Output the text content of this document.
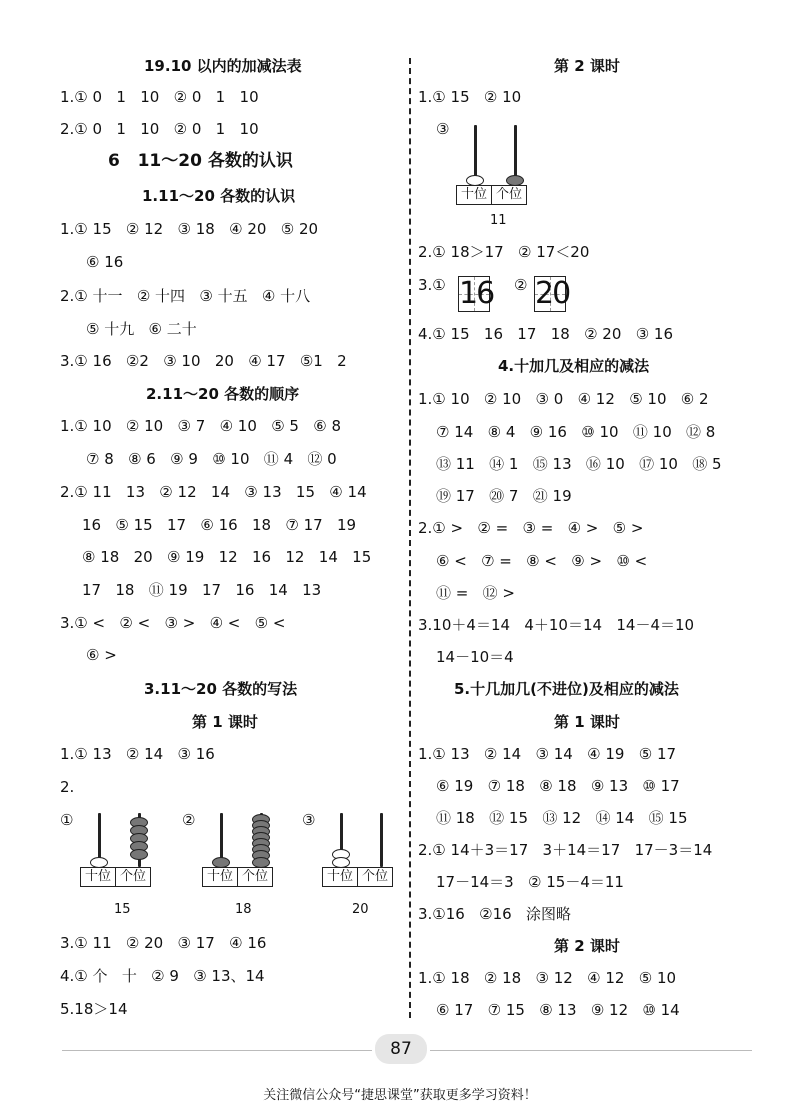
19.10 以内的加减法表
1.① 0   1   10   ② 0   1   10
2.① 0   1   10   ② 0   1   10
6   11～20 各数的认识
1.11～20 各数的认识
1.① 15   ② 12   ③ 18   ④ 20   ⑤ 20
⑥ 16
2.① 十一   ② 十四   ③ 十五   ④ 十八
⑤ 十九   ⑥ 二十
3.① 16   ②2   ③ 10   20   ④ 17   ⑤1   2
2.11～20 各数的顺序
1.① 10   ② 10   ③ 7   ④ 10   ⑤ 5   ⑥ 8
⑦ 8   ⑧ 6   ⑨ 9   ⑩ 10   ⑪ 4   ⑫ 0
2.① 11   13   ② 12   14   ③ 13   15   ④ 14
16   ⑤ 15   17   ⑥ 16   18   ⑦ 17   19
⑧ 18   20   ⑨ 19   12   16   12   14   15
17   18   ⑪ 19   17   16   14   13
3.① <   ② <   ③ >   ④ <   ⑤ <
⑥ >
3.11～20 各数的写法
第 1 课时
1.① 13   ② 14   ③ 16
2.
①
十位 个位
15
②
十位 个位
18
③
十位 个位
20
3.① 11   ② 20   ③ 17   ④ 16
4.① 个   十   ② 9   ③ 13、14
5.18＞14
第 2 课时
1.① 15   ② 10
③
十位 个位
11
2.① 18＞17   ② 17＜20
3.① 16 ② 20
4.① 15   16   17   18   ② 20   ③ 16
4.十加几及相应的减法
1.① 10   ② 10   ③ 0   ④ 12   ⑤ 10   ⑥ 2
⑦ 14   ⑧ 4   ⑨ 16   ⑩ 10   ⑪ 10   ⑫ 8
⑬ 11   ⑭ 1   ⑮ 13   ⑯ 10   ⑰ 10   ⑱ 5
⑲ 17   ⑳ 7   ㉑ 19
2.① >   ② =   ③ =   ④ >   ⑤ >
⑥ <   ⑦ =   ⑧ <   ⑨ >   ⑩ <
⑪ =   ⑫ >
3.10＋4＝14   4＋10＝14   14－4＝10
14－10＝4
5.十几加几(不进位)及相应的减法
第 1 课时
1.① 13   ② 14   ③ 14   ④ 19   ⑤ 17
⑥ 19   ⑦ 18   ⑧ 18   ⑨ 13   ⑩ 17
⑪ 18   ⑫ 15   ⑬ 12   ⑭ 14   ⑮ 15
2.① 14＋3＝17   3＋14＝17   17－3＝14
17－14＝3   ② 15－4＝11
3.①16   ②16   涂图略
第 2 课时
1.① 18   ② 18   ③ 12   ④ 12   ⑤ 10
⑥ 17   ⑦ 15   ⑧ 13   ⑨ 12   ⑩ 14
87
关注微信公众号“捷思课堂”获取更多学习资料！
